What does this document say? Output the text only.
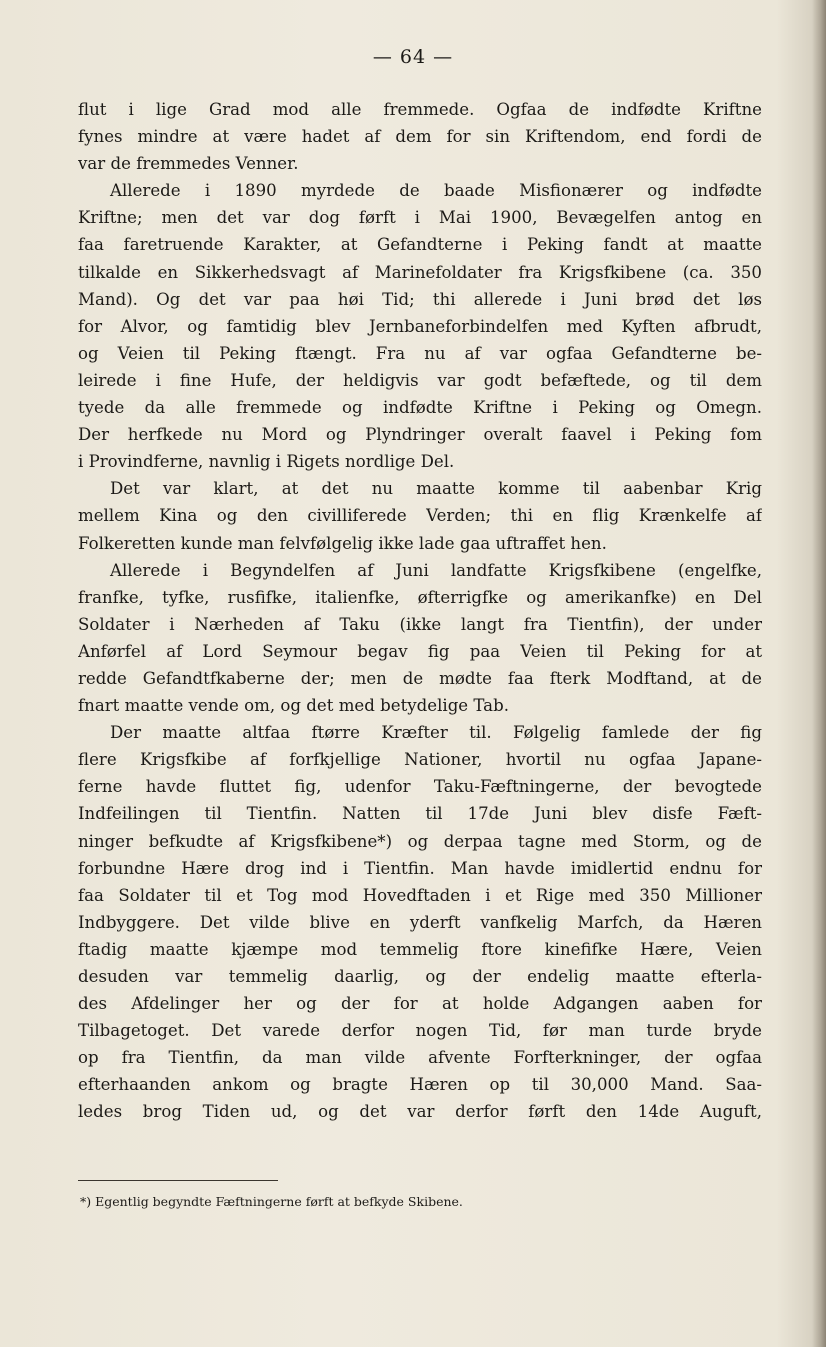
— 64 —
flut i lige Grad mod alle fremmede. Ogfaa de indfødte Kriftne
fynes mindre at være hadet af dem for sin Kriftendom, end fordi de
var de fremmedes Venner.
Allerede i 1890 myrdede de baade Misfionærer og indfødte
Kriftne; men det var dog førft i Mai 1900, Bevægelfen antog en
faa faretruende Karakter, at Gefandterne i Peking fandt at maatte
tilkalde en Sikkerhedsvagt af Marinefoldater fra Krigsfkibene (ca. 350
Mand). Og det var paa høi Tid; thi allerede i Juni brød det løs
for Alvor, og famtidig blev Jernbaneforbindelfen med Kyften afbrudt,
og Veien til Peking ftængt. Fra nu af var ogfaa Gefandterne be-
leirede i fine Hufe, der heldigvis var godt befæftede, og til dem
tyede da alle fremmede og indfødte Kriftne i Peking og Omegn.
Der herfkede nu Mord og Plyndringer overalt faavel i Peking fom
i Provindferne, navnlig i Rigets nordlige Del.
Det var klart, at det nu maatte komme til aabenbar Krig
mellem Kina og den civilliferede Verden; thi en flig Krænkelfe af
Folkeretten kunde man felvfølgelig ikke lade gaa uftraffet hen.
Allerede i Begyndelfen af Juni landfatte Krigsfkibene (engelfke,
franfke, tyfke, rusfifke, italienfke, øfterrigfke og amerikanfke) en Del
Soldater i Nærheden af Taku (ikke langt fra Tientfin), der under
Anførfel af Lord Seymour begav fig paa Veien til Peking for at
redde Gefandtfkaberne der; men de mødte faa fterk Modftand, at de
fnart maatte vende om, og det med betydelige Tab.
Der maatte altfaa ftørre Kræfter til. Følgelig famlede der fig
flere Krigsfkibe af forfkjellige Nationer, hvortil nu ogfaa Japane-
ferne havde fluttet fig, udenfor Taku-Fæftningerne, der bevogtede
Indfeilingen til Tientfin. Natten til 17de Juni blev disfe Fæft-
ninger befkudte af Krigsfkibene*) og derpaa tagne med Storm, og de
forbundne Hære drog ind i Tientfin. Man havde imidlertid endnu for
faa Soldater til et Tog mod Hovedftaden i et Rige med 350 Millioner
Indbyggere. Det vilde blive en yderft vanfkelig Marfch, da Hæren
ftadig maatte kjæmpe mod temmelig ftore kinefifke Hære, Veien
desuden var temmelig daarlig, og der endelig maatte efterla-
des Afdelinger her og der for at holde Adgangen aaben for
Tilbagetoget. Det varede derfor nogen Tid, før man turde bryde
op fra Tientfin, da man vilde afvente Forfterkninger, der ogfaa
efterhaanden ankom og bragte Hæren op til 30,000 Mand. Saa-
ledes brog Tiden ud, og det var derfor førft den 14de Auguft,
*) Egentlig begyndte Fæftningerne førft at befkyde Skibene.
